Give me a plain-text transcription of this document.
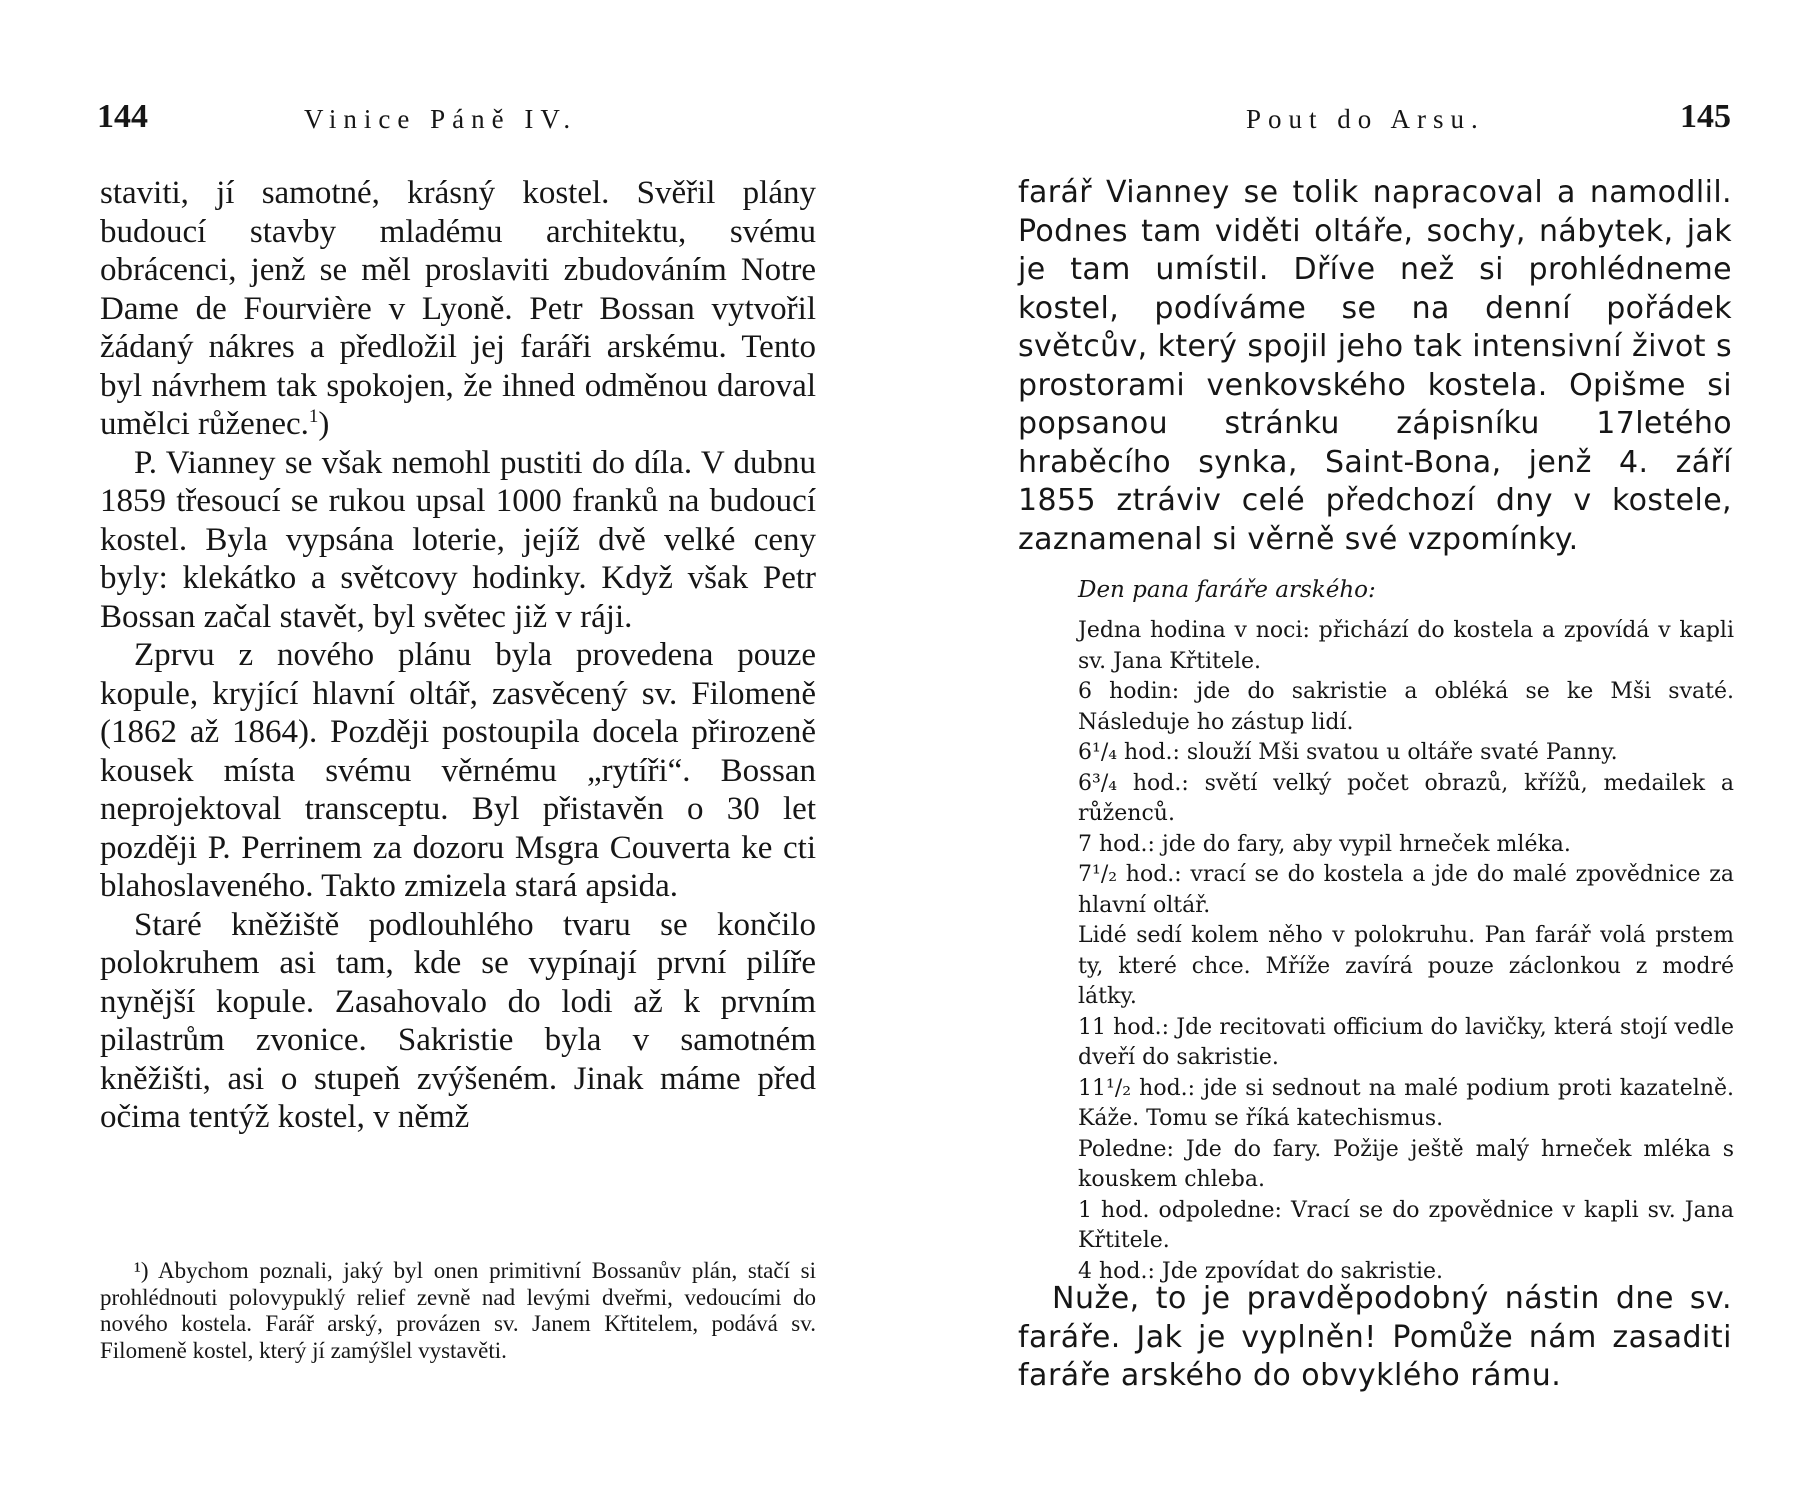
144	Vinice Páně IV.

staviti, jí samotné, krásný kostel. Svěřil plány budoucí stavby mladému architektu, svému obrácenci, jenž se měl proslaviti zbudováním Notre Dame de Fourvière v Lyoně. Petr Bossan vytvořil žádaný nákres a předložil jej faráři arskému. Tento byl návrhem tak spokojen, že ihned odměnou daroval umělci růženec.$^1$)

P. Vianney se však nemohl pustiti do díla. V dubnu 1859 třesoucí se rukou upsal 1000 franků na budoucí kostel. Byla vypsána loterie, jejíž dvě velké ceny byly: klekátko a světcovy hodinky. Když však Petr Bossan začal stavět, byl světec již v ráji.

Zprvu z nového plánu byla provedena pouze kopule, kryjící hlavní oltář, zasvěcený sv. Filomeně (1862 až 1864). Později postoupila docela přirozeně kousek místa svému věrnému „rytíři“. Bossan neprojektoval transceptu. Byl přistavěn o 30 let později P. Perrinem za dozoru Msgra Couverta ke cti blahoslaveného. Takto zmizela stará apsida.

Staré kněžiště podlouhlého tvaru se končilo polokruhem asi tam, kde se vypínají první pilíře nynější kopule. Zasahovalo do lodi až k prvním pilastrům zvonice. Sakristie byla v samotném kněžišti, asi o stupeň zvýšeném. Jinak máme před očima tentýž kostel, v němž

¹) Abychom poznali, jaký byl onen primitivní Bossanův plán, stačí si prohlédnouti polovypuklý relief zevně nad levými dveřmi, vedoucími do nového kostela. Farář arský, provázen sv. Janem Křtitelem, podává sv. Filomeně kostel, který jí zamýšlel vystavěti.

Pout do Arsu.	145

farář Vianney se tolik napracoval a namodlil. Podnes tam viděti oltáře, sochy, nábytek, jak je tam umístil. Dříve než si prohlédneme kostel, podíváme se na denní pořádek světcův, který spojil jeho tak intensivní život s prostorami venkovského kostela. Opišme si popsanou stránku zápisníku 17letého hraběcího synka, Saint-Bona, jenž 4. září 1855 ztráviv celé předchozí dny v kostele, zaznamenal si věrně své vzpomínky.

Den pana faráře arského:

Jedna hodina v noci: přichází do kostela a zpovídá v kapli sv. Jana Křtitele.

6 hodin: jde do sakristie a obléká se ke Mši svaté. Následuje ho zástup lidí.

6¹/₄ hod.: slouží Mši svatou u oltáře svaté Panny.

6³/₄ hod.: světí velký počet obrazů, křížů, medailek a růženců.

7 hod.: jde do fary, aby vypil hrneček mléka.

7¹/₂ hod.: vrací se do kostela a jde do malé zpovědnice za hlavní oltář.

Lidé sedí kolem něho v polokruhu. Pan farář volá prstem ty, které chce. Mříže zavírá pouze záclonkou z modré látky.

11 hod.: Jde recitovati officium do lavičky, která stojí vedle dveří do sakristie.

11¹/₂ hod.: jde si sednout na malé podium proti kazatelně. Káže. Tomu se říká katechismus.

Poledne: Jde do fary. Požije ještě malý hrneček mléka s kouskem chleba.

1 hod. odpoledne: Vrací se do zpovědnice v kapli sv. Jana Křtitele.

4 hod.: Jde zpovídat do sakristie.

Nuže, to je pravděpodobný nástin dne sv. faráře. Jak je vyplněn! Pomůže nám zasaditi faráře arského do obvyklého rámu.
